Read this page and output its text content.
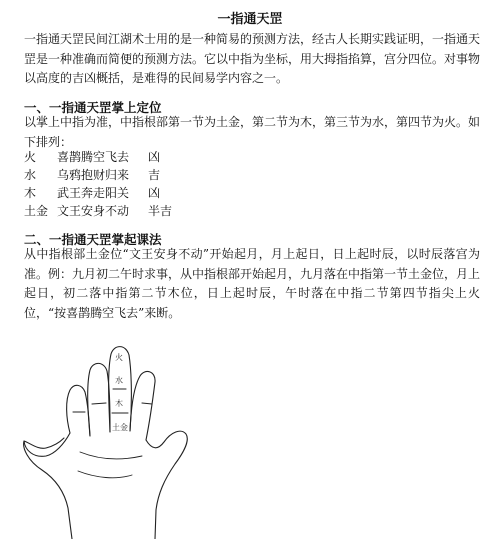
一指通天罡
一指通天罡民间江湖术士用的是一种简易的预测方法，经古人长期实践证明，一指通天罡是一种准确而简便的预测方法。它以中指为坐标，用大拇指掐算，宫分四位。对事物以高度的吉凶概括，是难得的民间易学内容之一。
一、一指通天罡掌上定位
以掌上中指为准，中指根部第一节为土金，第二节为木，第三节为水，第四节为火。如下排列：
火 喜鹊腾空飞去 凶
水 乌鸦抱财归来 吉
木 武王奔走阳关 凶
土金 文王安身不动 半吉
二、一指通天罡掌起课法
从中指根部土金位“文王安身不动”开始起月，月上起日，日上起时辰，以时辰落宫为准。例：九月初二午时求事，从中指根部开始起月，九月落在中指第一节土金位，月上起日，初二落中指第二节木位，日上起时辰，午时落在中指二节第四节指尖上火位，“按喜鹊腾空飞去”来断。
火
水
木
土金
